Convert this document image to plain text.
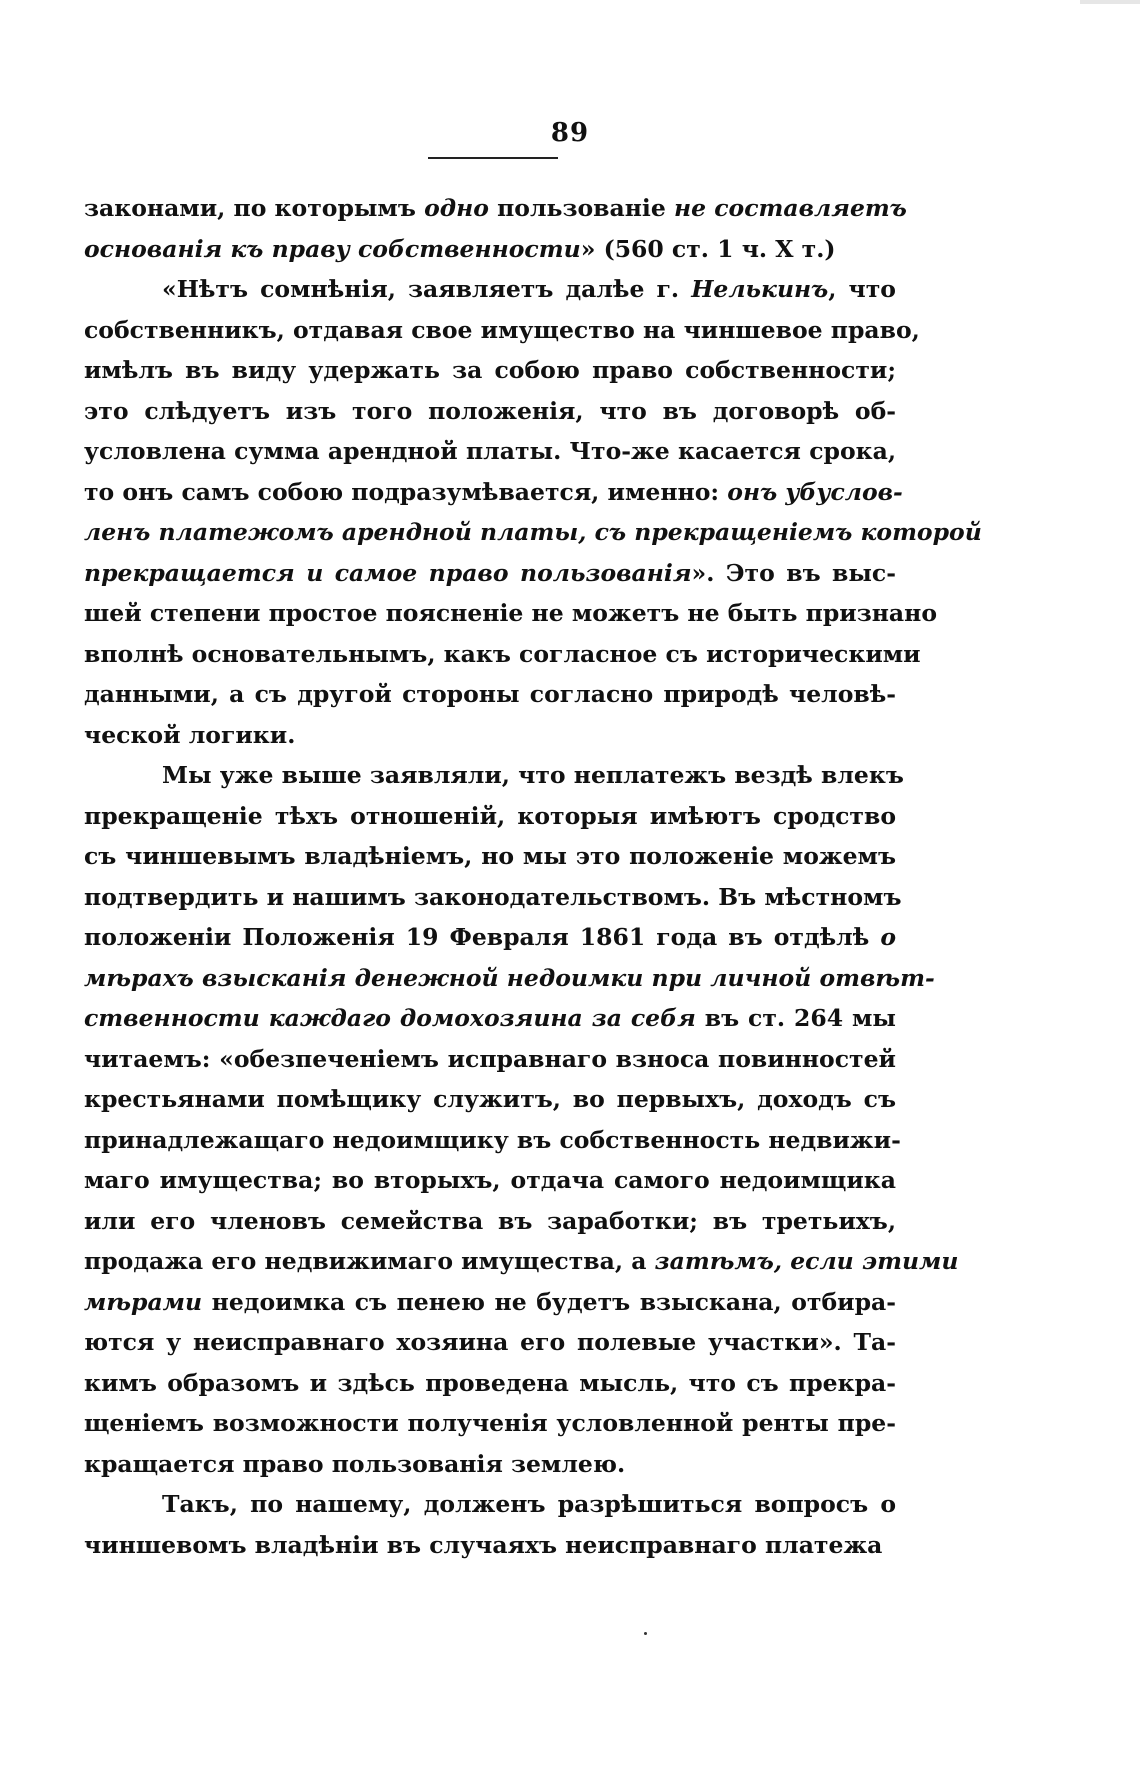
89
законами, по которымъ одно пользованіе не составляетъ
основанія къ праву собственности» (560 ст. 1 ч. X т.)
«Нѣтъ сомнѣнія, заявляетъ далѣе г. Нелькинъ, что
собственникъ, отдавая свое имущество на чиншевое право,
имѣлъ въ виду удержать за собою право собственности;
это слѣдуетъ изъ того положенія, что въ договорѣ об-
условлена сумма арендной платы. Что-же касается срока,
то онъ самъ собою подразумѣвается, именно: онъ убуслов-
ленъ платежомъ арендной платы, съ прекращеніемъ которой
прекращается и самое право пользованія». Это въ выс-
шей степени простое поясненіе не можетъ не быть признано
вполнѣ основательнымъ, какъ согласное съ историческими
данными, а съ другой стороны согласно природѣ человѣ-
ческой логики.
Мы уже выше заявляли, что неплатежъ вездѣ влекъ
прекращеніе тѣхъ отношеній, которыя имѣютъ сродство
съ чиншевымъ владѣніемъ, но мы это положеніе можемъ
подтвердить и нашимъ законодательствомъ. Въ мѣстномъ
положеніи Положенія 19 Февраля 1861 года въ отдѣлѣ о
мѣрахъ взысканія денежной недоимки при личной отвѣт-
ственности каждаго домохозяина за себя въ ст. 264 мы
читаемъ: «обезпеченіемъ исправнаго взноса повинностей
крестьянами помѣщику служитъ, во первыхъ, доходъ съ
принадлежащаго недоимщику въ собственность недвижи-
маго имущества; во вторыхъ, отдача самого недоимщика
или его членовъ семейства въ заработки; въ третьихъ,
продажа его недвижимаго имущества, а затѣмъ, если этими
мѣрами недоимка съ пенею не будетъ взыскана, отбира-
ются у неисправнаго хозяина его полевые участки». Та-
кимъ образомъ и здѣсь проведена мысль, что съ прекра-
щеніемъ возможности полученія условленной ренты пре-
кращается право пользованія землею.
Такъ, по нашему, долженъ разрѣшиться вопросъ о
чиншевомъ владѣніи въ случаяхъ неисправнаго платежа
